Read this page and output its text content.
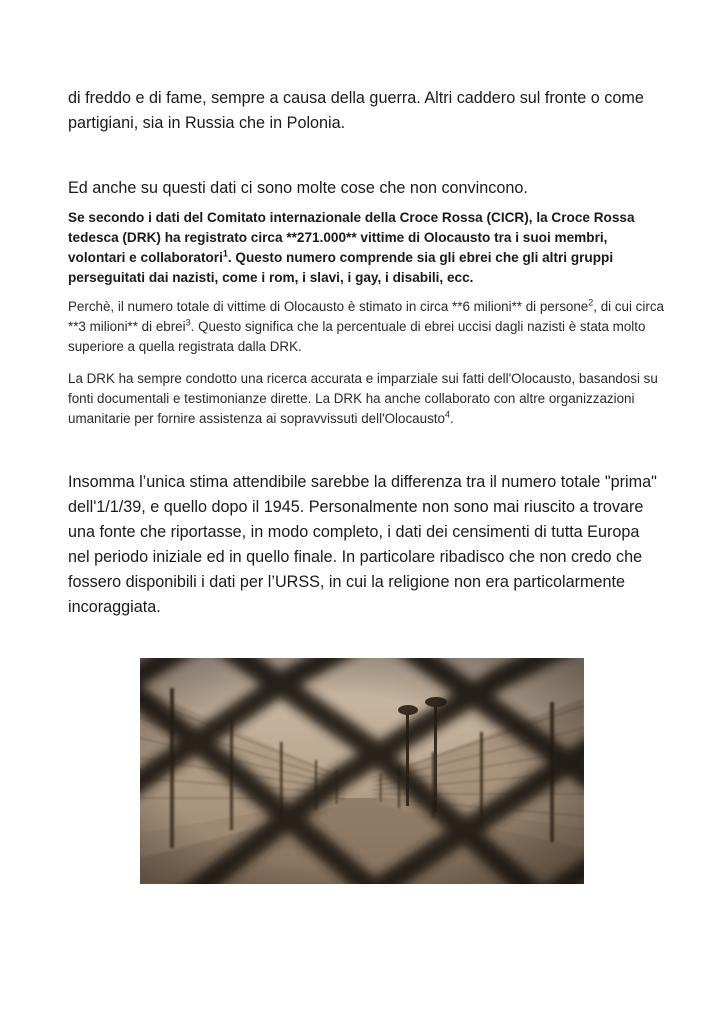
di freddo e di fame, sempre a causa della guerra. Altri caddero sul fronte o come partigiani, sia in Russia che in Polonia.

Ed anche su questi dati ci sono molte cose che non convincono.

Se secondo i dati del Comitato internazionale della Croce Rossa (CICR), la Croce Rossa tedesca (DRK) ha registrato circa **271.000** vittime di Olocausto tra i suoi membri, volontari e collaboratori$^1$. Questo numero comprende sia gli ebrei che gli altri gruppi perseguitati dai nazisti, come i rom, i slavi, i gay, i disabili, ecc.

Perchè, il numero totale di vittime di Olocausto è stimato in circa **6 milioni** di persone$^2$, di cui circa **3 milioni** di ebrei$^3$. Questo significa che la percentuale di ebrei uccisi dagli nazisti è stata molto superiore a quella registrata dalla DRK.

La DRK ha sempre condotto una ricerca accurata e imparziale sui fatti dell'Olocausto, basandosi su fonti documentali e testimonianze dirette. La DRK ha anche collaborato con altre organizzazioni umanitarie per fornire assistenza ai sopravvissuti dell'Olocausto$^4$.

Insomma l’unica stima attendibile sarebbe la differenza tra il numero totale "prima" dell'1/1/39, e quello dopo il 1945. Personalmente non sono mai riuscito a trovare una fonte che riportasse, in modo completo, i dati dei censimenti di tutta Europa nel periodo iniziale ed in quello finale. In particolare ribadisco che non credo che fossero disponibili i dati per l’URSS, in cui la religione non era particolarmente incoraggiata.
